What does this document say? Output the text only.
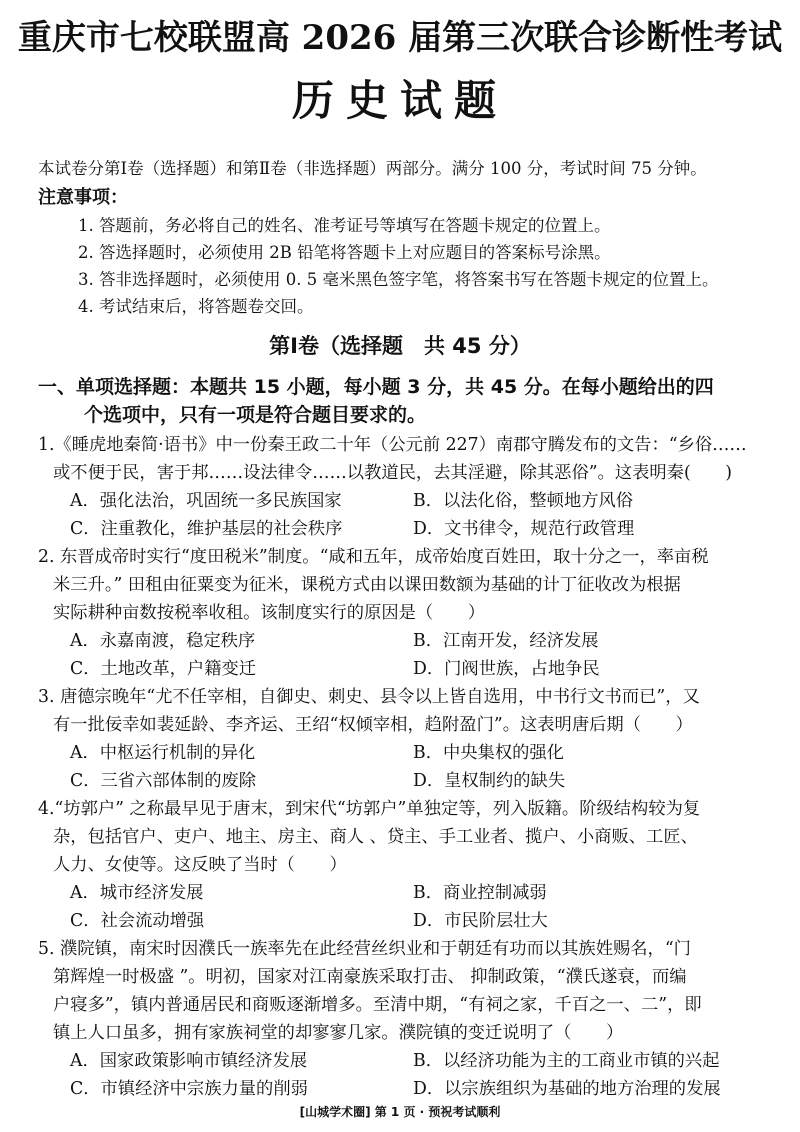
重庆市七校联盟高 2026 届第三次联合诊断性考试
历史试题
本试卷分第Ⅰ卷（选择题）和第Ⅱ卷（非选择题）两部分。满分 100 分，考试时间 75 分钟。
注意事项：
1. 答题前，务必将自己的姓名、准考证号等填写在答题卡规定的位置上。
2. 答选择题时，必须使用 2B 铅笔将答题卡上对应题目的答案标号涂黑。
3. 答非选择题时，必须使用 0. 5 毫米黑色签字笔，将答案书写在答题卡规定的位置上。
4. 考试结束后，将答题卷交回。
第Ⅰ卷（选择题　共 45 分）
一、单项选择题：本题共 15 小题，每小题 3 分，共 45 分。在每小题给出的四
个选项中，只有一项是符合题目要求的。
1.《睡虎地秦简·语书》中一份秦王政二十年（公元前 227）南郡守腾发布的文告：“乡俗……
或不便于民，害于邦……设法律令……以教道民，去其淫避，除其恶俗”。这表明秦(　　)
A．强化法治，巩固统一多民族国家	B．以法化俗，整顿地方风俗
C．注重教化，维护基层的社会秩序	D．文书律令，规范行政管理
2. 东晋成帝时实行“度田税米”制度。“咸和五年，成帝始度百姓田，取十分之一，率亩税
米三升。” 田租由征粟变为征米，课税方式由以课田数额为基础的计丁征收改为根据
实际耕种亩数按税率收租。该制度实行的原因是（　　）
A．永嘉南渡，稳定秩序	B．江南开发，经济发展
C．土地改革，户籍变迁	D．门阀世族，占地争民
3. 唐德宗晚年“尤不任宰相，自御史、刺史、县令以上皆自选用，中书行文书而已”，又
有一批佞幸如裴延龄、李齐运、王绍“权倾宰相，趋附盈门”。这表明唐后期（　　）
A．中枢运行机制的异化	B．中央集权的强化
C．三省六部体制的废除	D．皇权制约的缺失
4.“坊郭户” 之称最早见于唐末，到宋代“坊郭户”单独定等，列入版籍。阶级结构较为复
杂，包括官户、吏户、地主、房主、商人 、贷主、手工业者、揽户、小商贩、工匠、
人力、女使等。这反映了当时（　　）
A．城市经济发展	B．商业控制减弱
C．社会流动增强	D．市民阶层壮大
5. 濮院镇，南宋时因濮氏一族率先在此经营丝织业和于朝廷有功而以其族姓赐名，“门
第辉煌一时极盛 ”。明初，国家对江南豪族采取打击、 抑制政策，“濮氏遂衰，而编
户寝多”，镇内普通居民和商贩逐渐增多。至清中期，“有祠之家，千百之一、二”，即
镇上人口虽多，拥有家族祠堂的却寥寥几家。濮院镇的变迁说明了（　　）
A．国家政策影响市镇经济发展	B．以经济功能为主的工商业市镇的兴起
C．市镇经济中宗族力量的削弱	D．以宗族组织为基础的地方治理的发展
[山城学术圈] 第 1 页 · 预祝考试顺利
